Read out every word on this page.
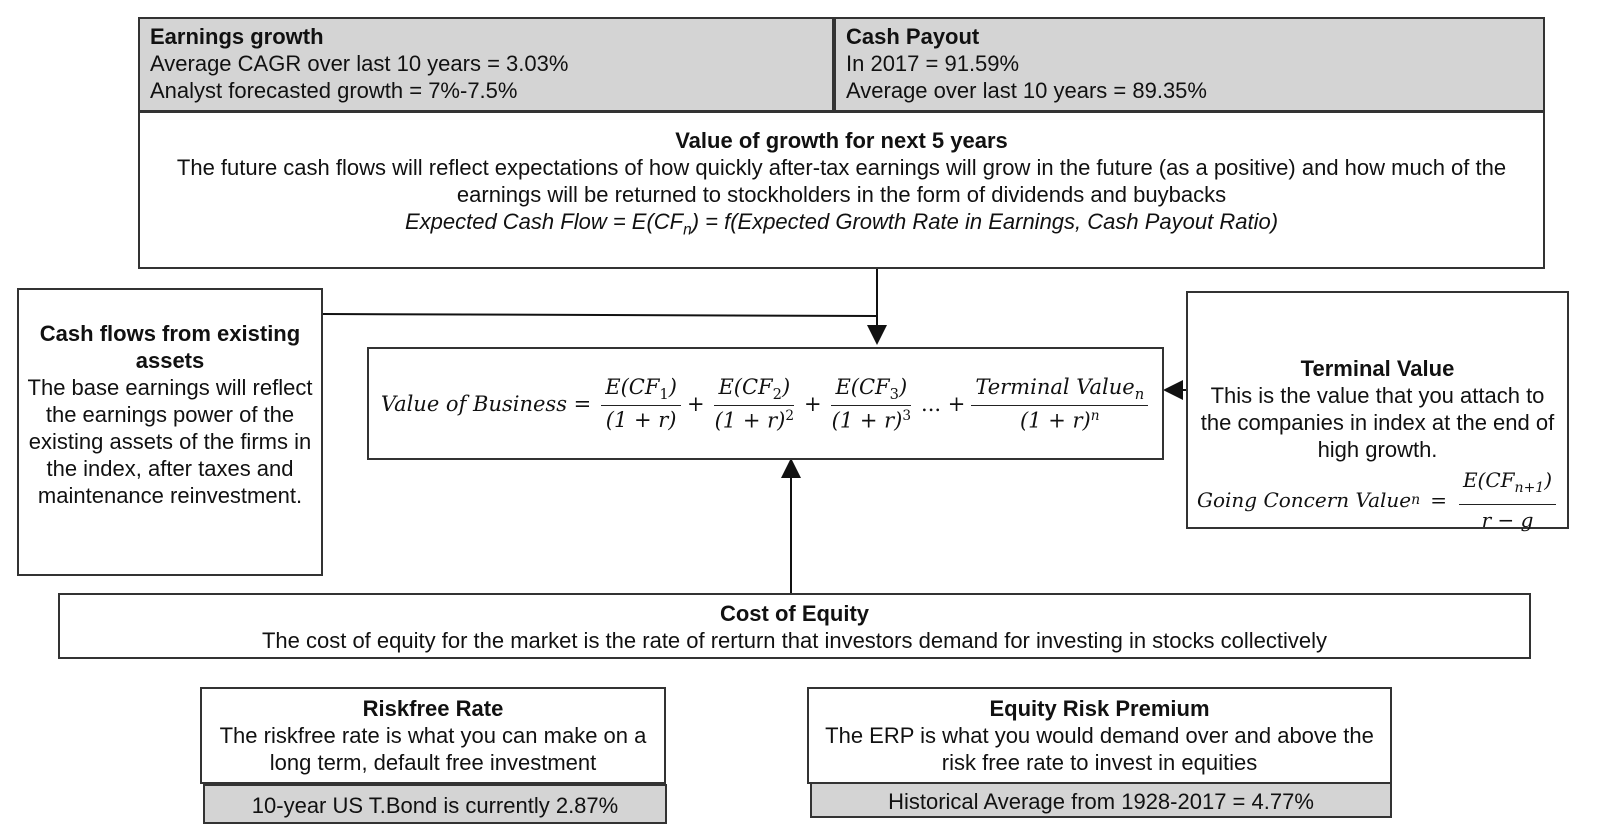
Earnings growth
Average CAGR over last 10 years = 3.03%
Analyst forecasted growth = 7%-7.5%
Cash Payout
In 2017 = 91.59%
Average over last 10 years = 89.35%
Value of growth for next 5 years
The future cash flows will reflect expectations of how quickly after-tax earnings will grow in the future (as a positive) and how much of the earnings will be returned to stockholders in the form of dividends and buybacks
Expected Cash Flow = $E(CF_n)$ = f(Expected Growth Rate in Earnings, Cash Payout Ratio)
Cash flows from existing assets
The base earnings will reflect the earnings power of the existing assets of the firms in the index, after taxes and maintenance reinvestment.
Value of Business = $\frac{E(CF_1)}{(1 + r)} + \frac{E(CF_2)}{(1 + r)^2} + \frac{E(CF_3)}{(1 + r)^3}$ ... + $\frac{Terminal Value_n}{(1 + r)^n}$
Terminal Value
This is the value that you attach to the companies in index at the end of high growth.
Going Concern Value $n = \frac{E(CF_{n+1})}{r - g}$
Cost of Equity
The cost of equity for the market is the rate of rerturn that investors demand for investing in stocks collectively
Riskfree Rate
The riskfree rate is what you can make on a long term, default free investment
10-year US T.Bond is currently 2.87%
Equity Risk Premium
The ERP is what you would demand over and above the risk free rate to invest in equities
Historical Average from 1928-2017 = 4.77%
